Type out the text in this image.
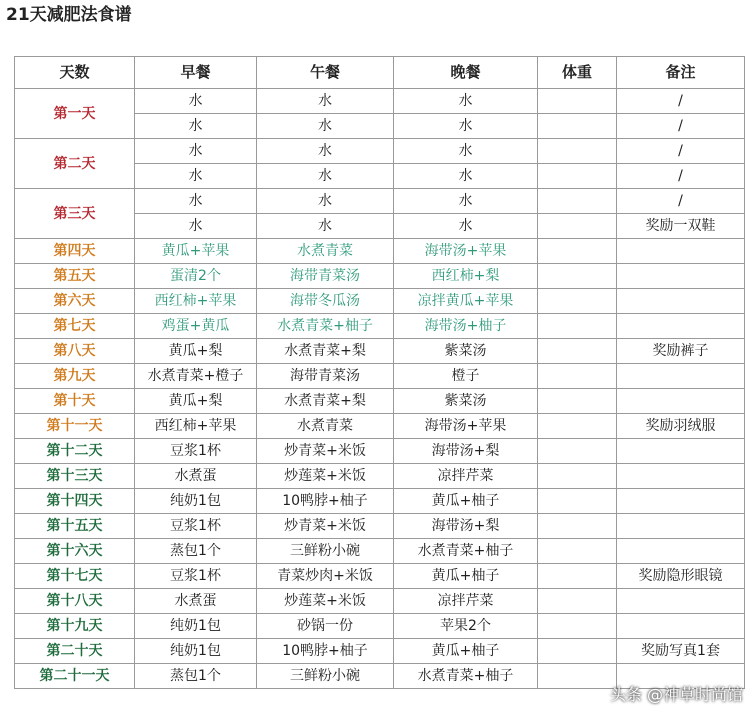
21天减肥法食谱
天数	早餐	午餐	晚餐	体重	备注
第一天	水	水	水		/
	水	水	水		/
第二天	水	水	水		/
	水	水	水		/
第三天	水	水	水		/
	水	水	水		奖励一双鞋
第四天	黄瓜+苹果	水煮青菜	海带汤+苹果		
第五天	蛋清2个	海带青菜汤	西红柿+梨		
第六天	西红柿+苹果	海带冬瓜汤	凉拌黄瓜+苹果		
第七天	鸡蛋+黄瓜	水煮青菜+柚子	海带汤+柚子		
第八天	黄瓜+梨	水煮青菜+梨	紫菜汤		奖励裤子
第九天	水煮青菜+橙子	海带青菜汤	橙子		
第十天	黄瓜+梨	水煮青菜+梨	紫菜汤		
第十一天	西红柿+苹果	水煮青菜	海带汤+苹果		奖励羽绒服
第十二天	豆浆1杯	炒青菜+米饭	海带汤+梨		
第十三天	水煮蛋	炒莲菜+米饭	凉拌芹菜		
第十四天	纯奶1包	10鸭脖+柚子	黄瓜+柚子		
第十五天	豆浆1杯	炒青菜+米饭	海带汤+梨		
第十六天	蒸包1个	三鲜粉小碗	水煮青菜+柚子		
第十七天	豆浆1杯	青菜炒肉+米饭	黄瓜+柚子		奖励隐形眼镜
第十八天	水煮蛋	炒莲菜+米饭	凉拌芹菜		
第十九天	纯奶1包	砂锅一份	苹果2个		
第二十天	纯奶1包	10鸭脖+柚子	黄瓜+柚子		奖励写真1套
第二十一天	蒸包1个	三鲜粉小碗	水煮青菜+柚子		
头条 @神草时尚馆
